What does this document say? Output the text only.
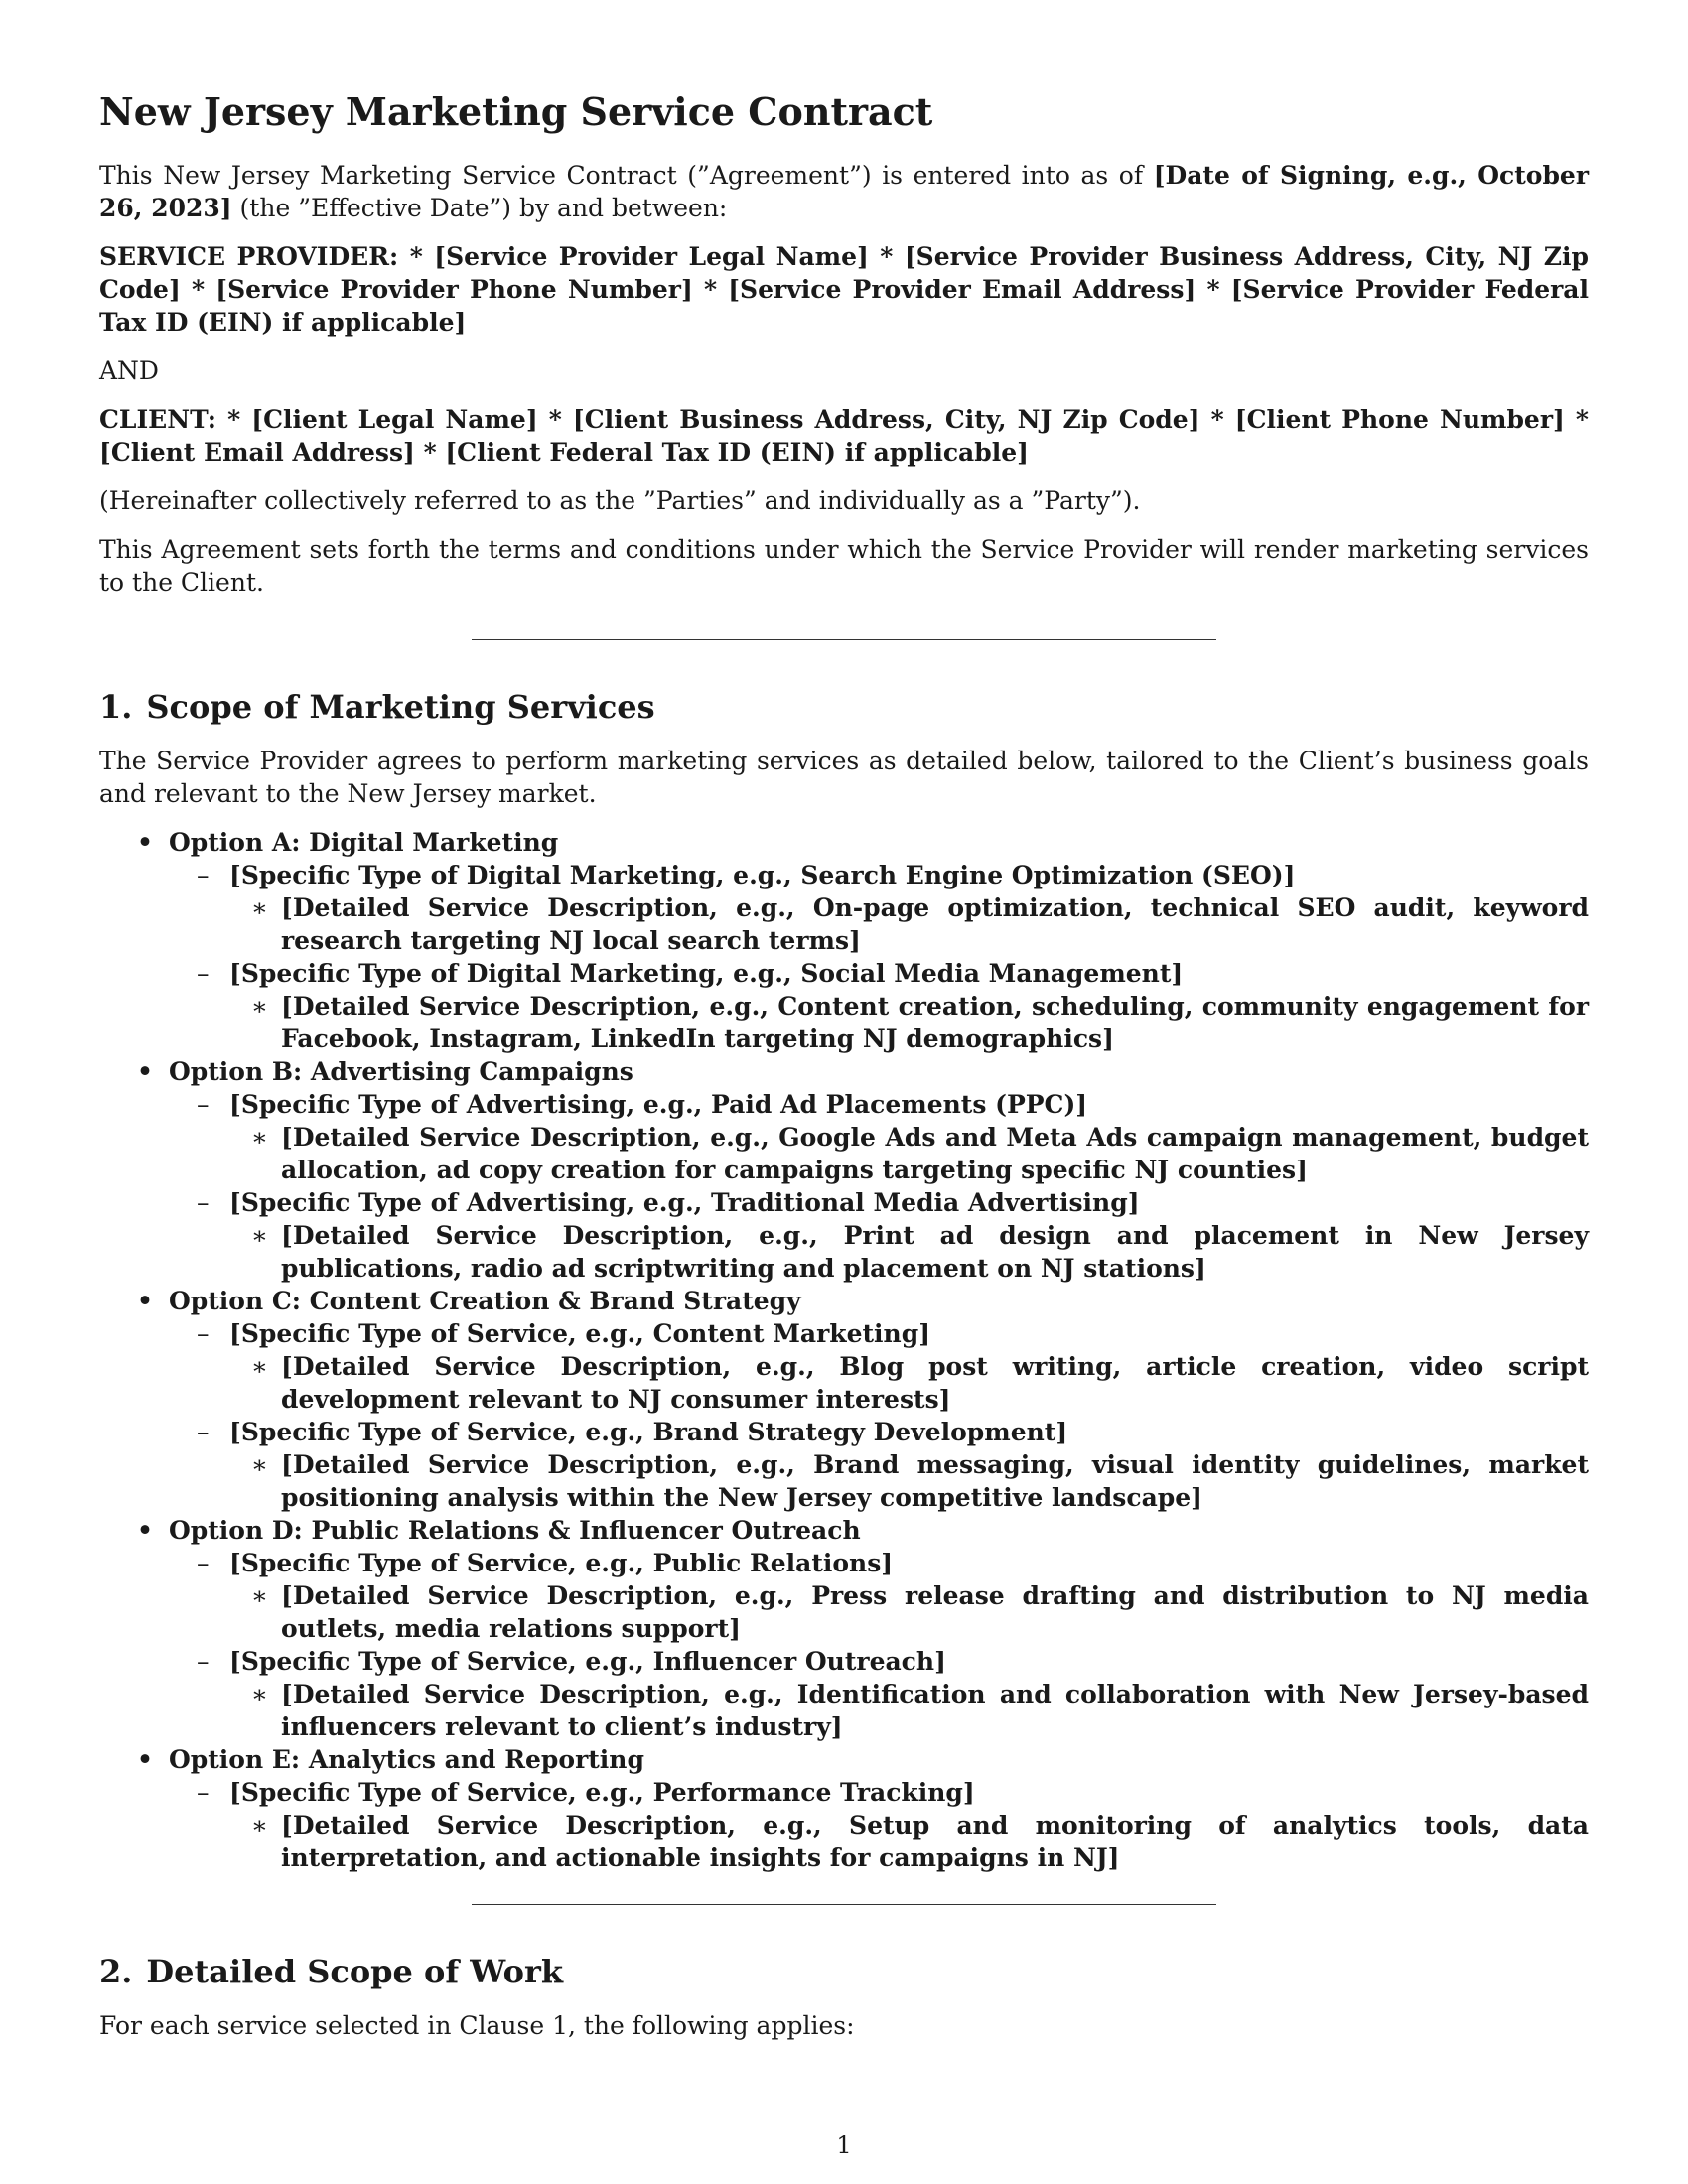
New Jersey Marketing Service Contract

This New Jersey Marketing Service Contract (”Agreement”) is entered into as of [Date of Signing, e.g., October 26, 2023] (the ”Effective Date”) by and between:

SERVICE PROVIDER: * [Service Provider Legal Name] * [Service Provider Business Address, City, NJ Zip Code] * [Service Provider Phone Number] * [Service Provider Email Address] * [Service Provider Federal Tax ID (EIN) if applicable]

AND

CLIENT: * [Client Legal Name] * [Client Business Address, City, NJ Zip Code] * [Client Phone Number] * [Client Email Address] * [Client Federal Tax ID (EIN) if applicable]

(Hereinafter collectively referred to as the ”Parties” and individually as a ”Party”).

This Agreement sets forth the terms and conditions under which the Service Provider will render marketing services to the Client.

1. Scope of Marketing Services

The Service Provider agrees to perform marketing services as detailed below, tailored to the Client’s business goals and relevant to the New Jersey market.

• Option A: Digital Marketing
– [Specific Type of Digital Marketing, e.g., Search Engine Optimization (SEO)]
∗ [Detailed Service Description, e.g., On-page optimization, technical SEO audit, keyword research targeting NJ local search terms]
– [Specific Type of Digital Marketing, e.g., Social Media Management]
∗ [Detailed Service Description, e.g., Content creation, scheduling, community engagement for Facebook, Instagram, LinkedIn targeting NJ demographics]
• Option B: Advertising Campaigns
– [Specific Type of Advertising, e.g., Paid Ad Placements (PPC)]
∗ [Detailed Service Description, e.g., Google Ads and Meta Ads campaign management, budget allocation, ad copy creation for campaigns targeting specific NJ counties]
– [Specific Type of Advertising, e.g., Traditional Media Advertising]
∗ [Detailed Service Description, e.g., Print ad design and placement in New Jersey publications, radio ad scriptwriting and placement on NJ stations]
• Option C: Content Creation & Brand Strategy
– [Specific Type of Service, e.g., Content Marketing]
∗ [Detailed Service Description, e.g., Blog post writing, article creation, video script development relevant to NJ consumer interests]
– [Specific Type of Service, e.g., Brand Strategy Development]
∗ [Detailed Service Description, e.g., Brand messaging, visual identity guidelines, market positioning analysis within the New Jersey competitive landscape]
• Option D: Public Relations & Influencer Outreach
– [Specific Type of Service, e.g., Public Relations]
∗ [Detailed Service Description, e.g., Press release drafting and distribution to NJ media outlets, media relations support]
– [Specific Type of Service, e.g., Influencer Outreach]
∗ [Detailed Service Description, e.g., Identification and collaboration with New Jersey-based influencers relevant to client’s industry]
• Option E: Analytics and Reporting
– [Specific Type of Service, e.g., Performance Tracking]
∗ [Detailed Service Description, e.g., Setup and monitoring of analytics tools, data interpretation, and actionable insights for campaigns in NJ]
2. Detailed Scope of Work

For each service selected in Clause 1, the following applies:

1
